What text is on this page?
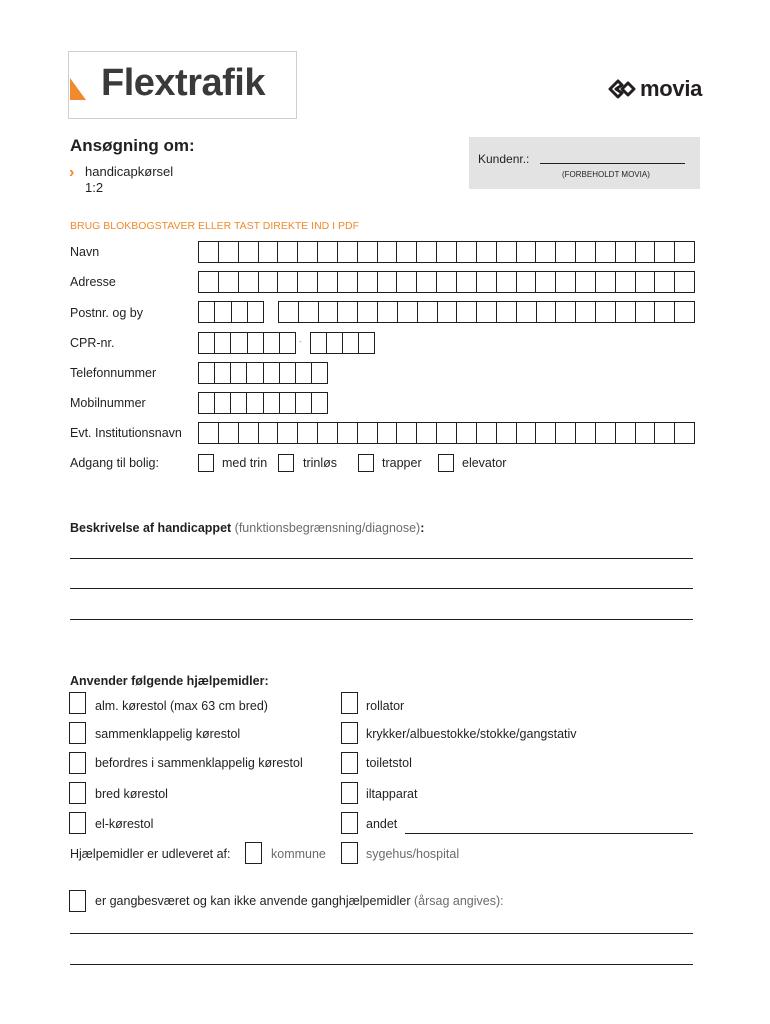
Flextrafik	movia
Ansøgning om:
› handicapkørsel
1:2
Kundenr.:
(FORBEHOLDT MOVIA)
BRUG BLOKBOGSTAVER ELLER TAST DIREKTE IND I PDF
Navn
Adresse
Postnr. og by
CPR-nr.	-
Telefonnummer
Mobilnummer
Evt. Institutionsnavn
Adgang til bolig:	med trin	trinløs	trapper	elevator
Beskrivelse af handicappet (funktionsbegrænsning/diagnose):
Anvender følgende hjælpemidler:
alm. kørestol (max 63 cm bred)	rollator
sammenklappelig kørestol	krykker/albuestokke/stokke/gangstativ
befordres i sammenklappelig kørestol	toiletstol
bred kørestol	iltapparat
el-kørestol	andet
Hjælpemidler er udleveret af:	kommune	sygehus/hospital
er gangbesværet og kan ikke anvende ganghjælpemidler (årsag angives):
